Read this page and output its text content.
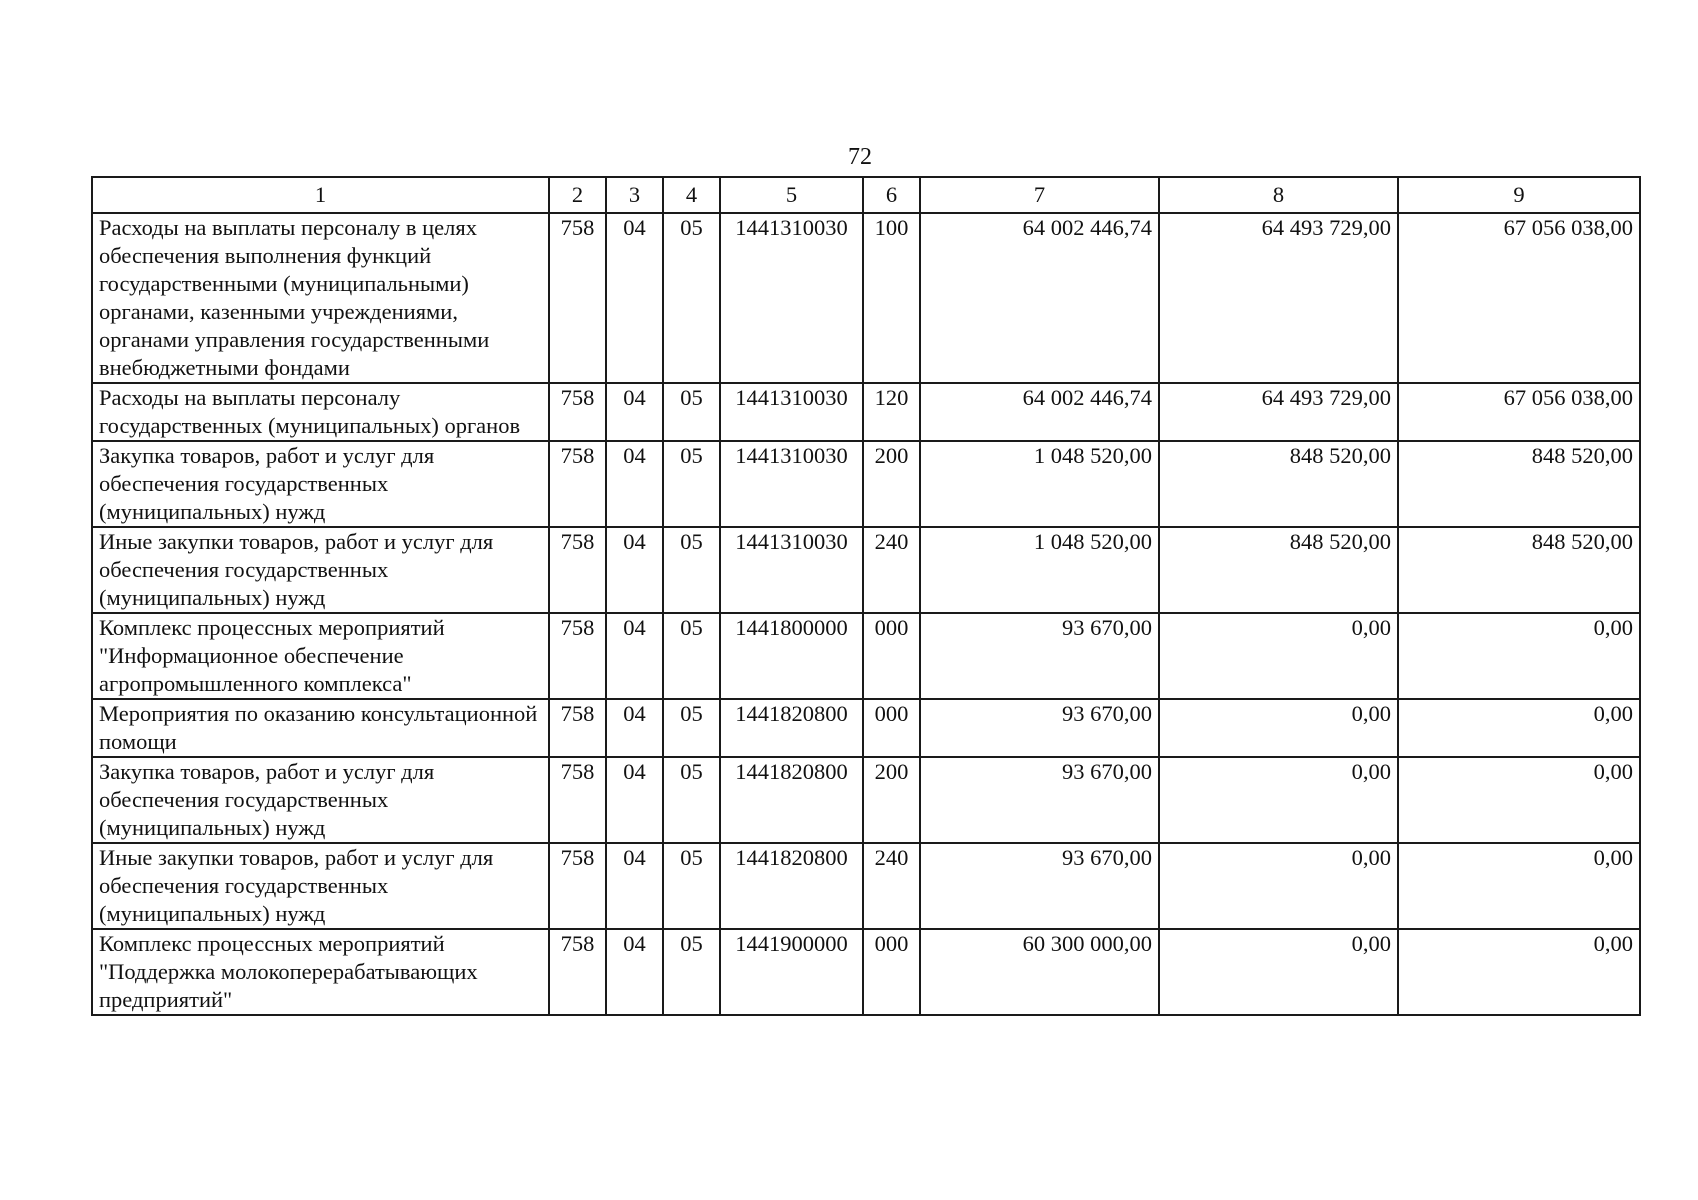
72
1	2	3	4	5	6	7	8	9
Расходы на выплаты персоналу в целях обеспечения выполнения функций государственными (муниципальными) органами, казенными учреждениями, органами управления государственными внебюджетными фондами	758	04	05	1441310030	100	64 002 446,74	64 493 729,00	67 056 038,00
Расходы на выплаты персоналу государственных (муниципальных) органов	758	04	05	1441310030	120	64 002 446,74	64 493 729,00	67 056 038,00
Закупка товаров, работ и услуг для обеспечения государственных (муниципальных) нужд	758	04	05	1441310030	200	1 048 520,00	848 520,00	848 520,00
Иные закупки товаров, работ и услуг для обеспечения государственных (муниципальных) нужд	758	04	05	1441310030	240	1 048 520,00	848 520,00	848 520,00
Комплекс процессных мероприятий "Информационное обеспечение агропромышленного комплекса"	758	04	05	1441800000	000	93 670,00	0,00	0,00
Мероприятия по оказанию консультационной помощи	758	04	05	1441820800	000	93 670,00	0,00	0,00
Закупка товаров, работ и услуг для обеспечения государственных (муниципальных) нужд	758	04	05	1441820800	200	93 670,00	0,00	0,00
Иные закупки товаров, работ и услуг для обеспечения государственных (муниципальных) нужд	758	04	05	1441820800	240	93 670,00	0,00	0,00
Комплекс процессных мероприятий "Поддержка молокоперерабатывающих предприятий"	758	04	05	1441900000	000	60 300 000,00	0,00	0,00
